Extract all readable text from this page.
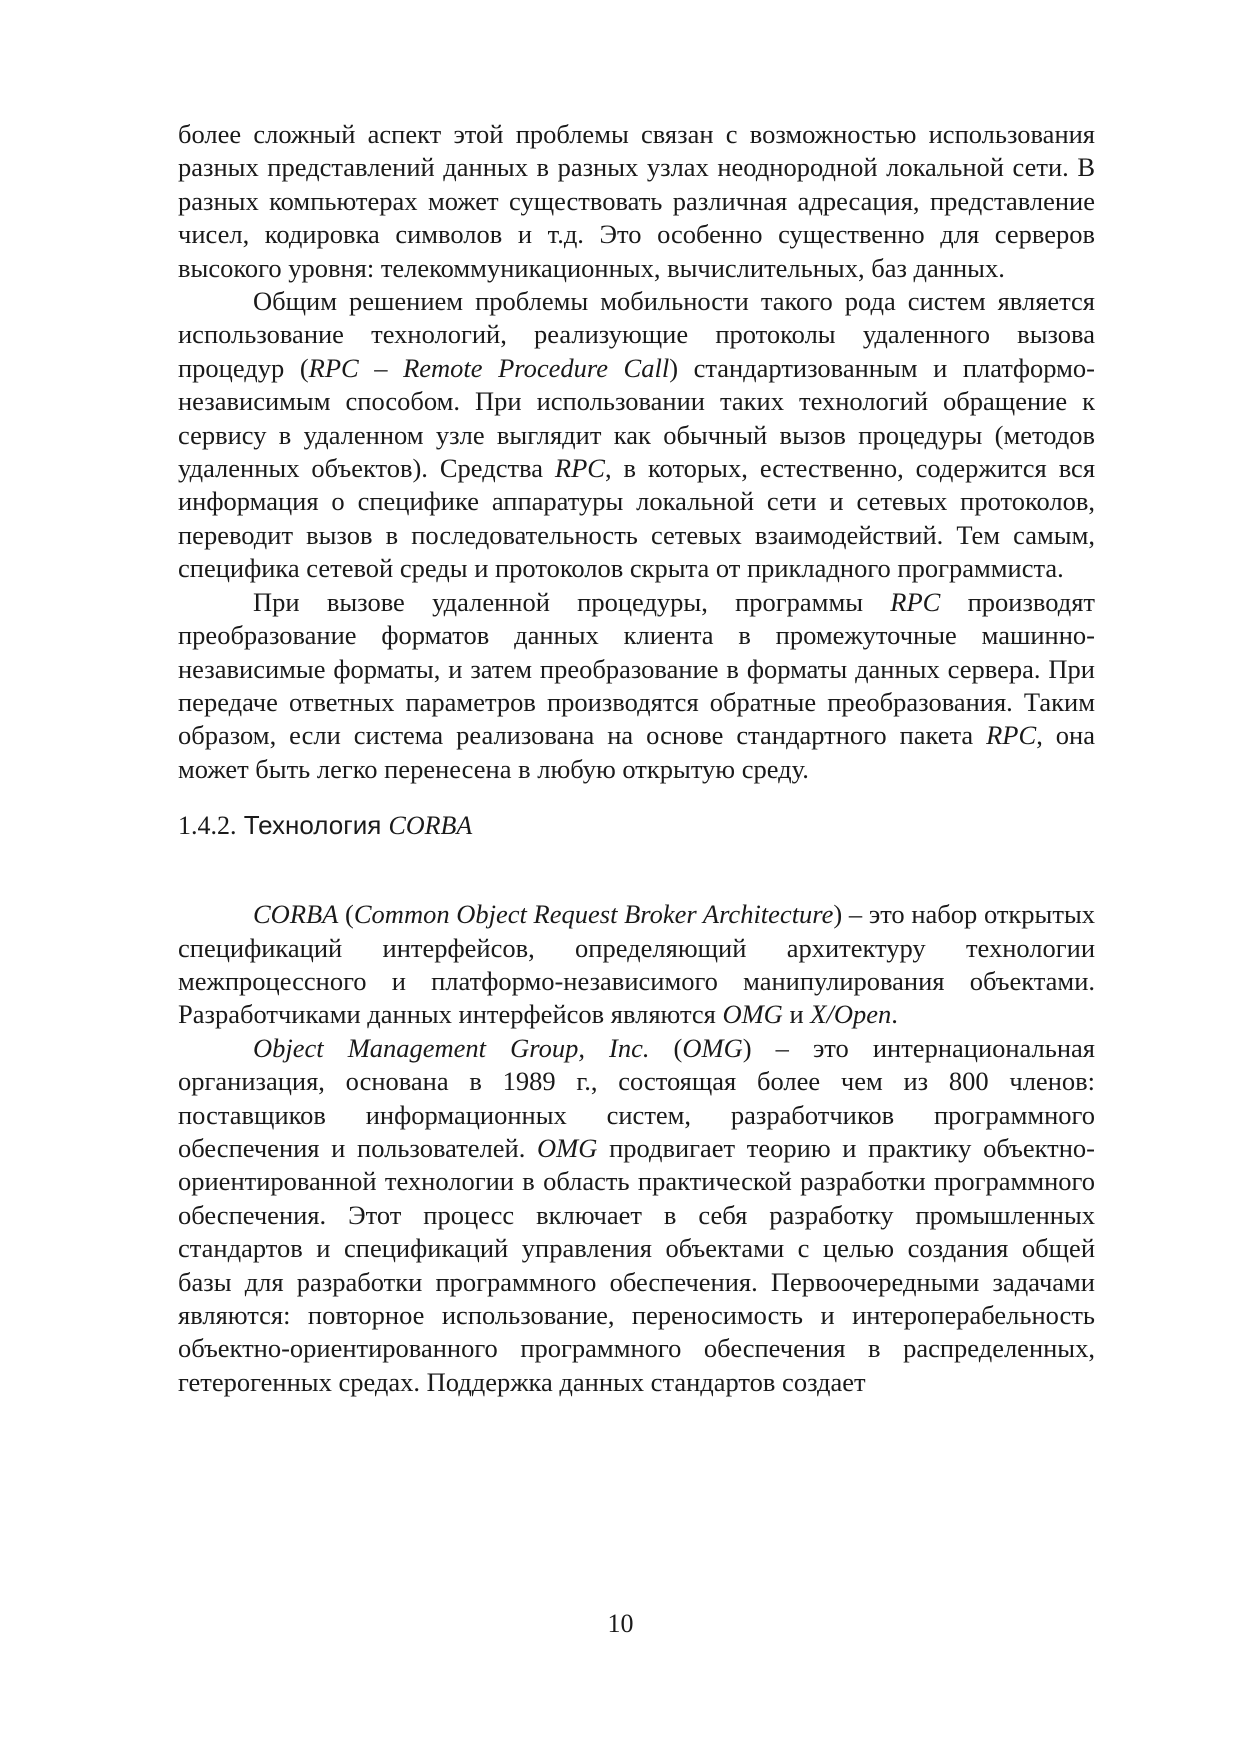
более сложный аспект этой проблемы связан с возможностью использования разных представлений данных в разных узлах неоднородной локальной сети. В разных компьютерах может существовать различная адресация, представление чисел, кодировка символов и т.д. Это особенно существенно для серверов высокого уровня: телекоммуникационных, вычислительных, баз данных.

Общим решением проблемы мобильности такого рода систем является использование технологий, реализующие протоколы удаленного вызова процедур (RPC – Remote Procedure Call) стандартизованным и платформо-независимым способом. При использовании таких технологий обращение к сервису в удаленном узле выглядит как обычный вызов процедуры (методов удаленных объектов). Средства RPC, в которых, естественно, содержится вся информация о специфике аппаратуры локальной сети и сетевых протоколов, переводит вызов в последовательность сетевых взаимодействий. Тем самым, специфика сетевой среды и протоколов скрыта от прикладного программиста.

При вызове удаленной процедуры, программы RPC производят преобразование форматов данных клиента в промежуточные машинно-независимые форматы, и затем преобразование в форматы данных сервера. При передаче ответных параметров производятся обратные преобразования. Таким образом, если система реализована на основе стандартного пакета RPC, она может быть легко перенесена в любую открытую среду.

1.4.2. Технология CORBA

CORBA (Common Object Request Broker Architecture) – это набор открытых спецификаций интерфейсов, определяющий архитектуру технологии межпроцессного и платформо-независимого манипулирования объектами. Разработчиками данных интерфейсов являются OMG и X/Open.

Object Management Group, Inc. (OMG) – это интернациональная организация, основана в 1989 г., состоящая более чем из 800 членов: поставщиков информационных систем, разработчиков программного обеспечения и пользователей. OMG продвигает теорию и практику объектно-ориентированной технологии в область практической разработки программного обеспечения. Этот процесс включает в себя разработку промышленных стандартов и спецификаций управления объектами с целью создания общей базы для разработки программного обеспечения. Первоочередными задачами являются: повторное использование, переносимость и интероперабельность объектно-ориентированного программного обеспечения в распределенных, гетерогенных средах. Поддержка данных стандартов создает

10
